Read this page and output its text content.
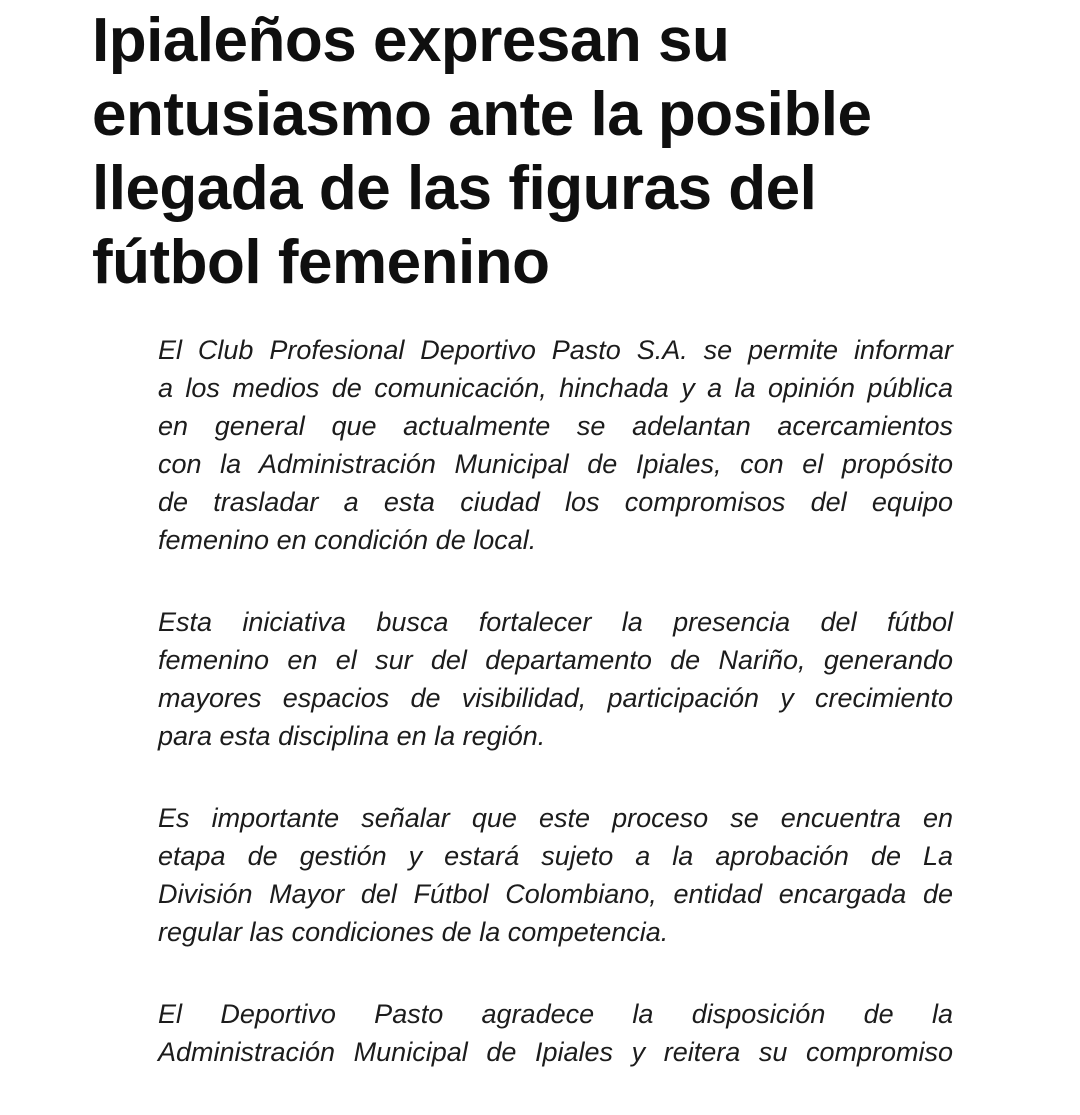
Ipialeños expresan su
entusiasmo ante la posible
llegada de las figuras del
fútbol femenino

El Club Profesional Deportivo Pasto S.A. se permite informar
a los medios de comunicación, hinchada y a la opinión pública
en general que actualmente se adelantan acercamientos
con la Administración Municipal de Ipiales, con el propósito
de trasladar a esta ciudad los compromisos del equipo
femenino en condición de local.

Esta iniciativa busca fortalecer la presencia del fútbol
femenino en el sur del departamento de Nariño, generando
mayores espacios de visibilidad, participación y crecimiento
para esta disciplina en la región.

Es importante señalar que este proceso se encuentra en
etapa de gestión y estará sujeto a la aprobación de La
División Mayor del Fútbol Colombiano, entidad encargada de
regular las condiciones de la competencia.

El Deportivo Pasto agradece la disposición de la
Administración Municipal de Ipiales y reitera su compromiso
